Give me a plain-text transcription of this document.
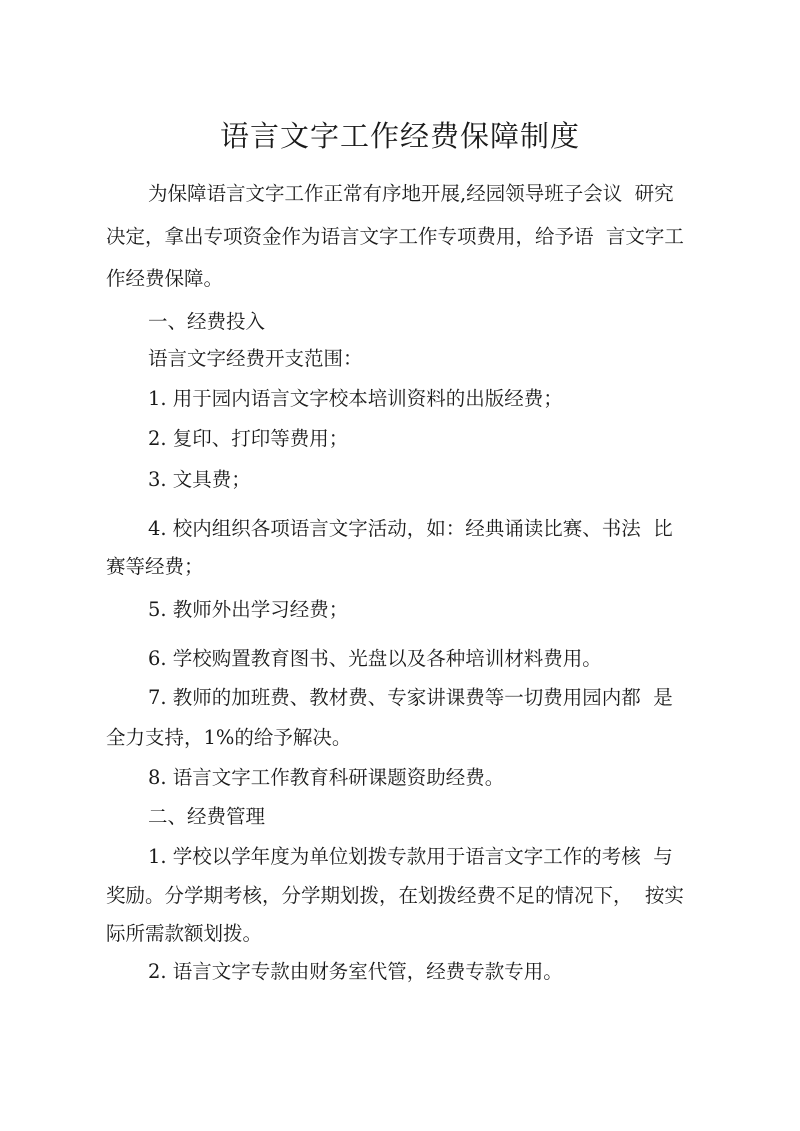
语言文字工作经费保障制度
为保障语言文字工作正常有序地开展,经园领导班子会议  研究
决定，拿出专项资金作为语言文字工作专项费用，给予语  言文字工
作经费保障。
一、经费投入
语言文字经费开支范围：
1. 用于园内语言文字校本培训资料的出版经费；
2. 复印、打印等费用；
3. 文具费；
4. 校内组织各项语言文字活动，如：经典诵读比赛、书法  比
赛等经费；
5. 教师外出学习经费；
6. 学校购置教育图书、光盘以及各种培训材料费用。
7. 教师的加班费、教材费、专家讲课费等一切费用园内都  是
全力支持，1%的给予解决。
8. 语言文字工作教育科研课题资助经费。
二、经费管理
1. 学校以学年度为单位划拨专款用于语言文字工作的考核  与
奖励。分学期考核，分学期划拨，在划拨经费不足的情况下，  按实
际所需款额划拨。
2. 语言文字专款由财务室代管，经费专款专用。
